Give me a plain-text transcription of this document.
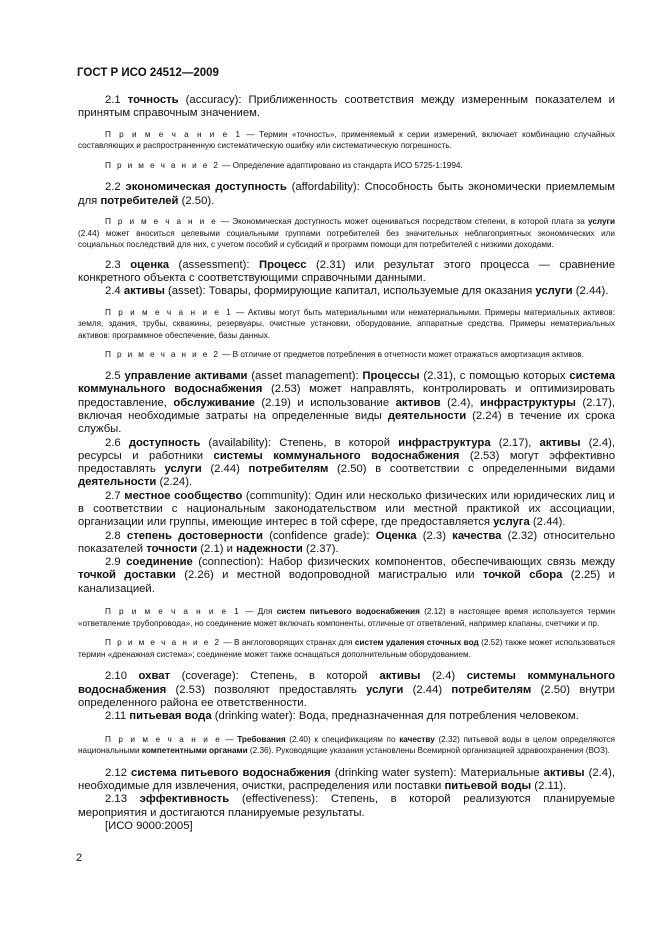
ГОСТ Р ИСО 24512—2009

2.1 точность (accuracy): Приближенность соответствия между измеренным показателем и принятым справочным значением.

П р и м е ч а н и е 1 — Термин «точность», применяемый к серии измерений, включает комбинацию случайных составляющих и распространенную систематическую ошибку или систематическую погрешность.

П р и м е ч а н и е 2 — Определение адаптировано из стандарта ИСО 5725-1:1994.

2.2 экономическая доступность (affordability): Способность быть экономически приемлемым для потребителей (2.50).

П р и м е ч а н и е — Экономическая доступность может оцениваться посредством степени, в которой плата за услуги (2.44) может вноситься целевыми социальными группами потребителей без значительных неблагоприятных экономических или социальных последствий для них, с учетом пособий и субсидий и программ помощи для потребителей с низкими доходами.

2.3 оценка (assessment): Процесс (2.31) или результат этого процесса — сравнение конкретного объекта с соответствующими справочными данными.

2.4 активы (asset): Товары, формирующие капитал, используемые для оказания услуги (2.44).

П р и м е ч а н и е 1 — Активы могут быть материальными или нематериальными. Примеры материальных активов: земля, здания, трубы, скважины, резервуары, очистные установки, оборудование, аппаратные средства. Примеры нематериальных активов: программное обеспечение, базы данных.

П р и м е ч а н и е 2 — В отличие от предметов потребления в отчетности может отражаться амортизация активов.

2.5 управление активами (asset management): Процессы (2.31), с помощью которых система коммунального водоснабжения (2.53) может направлять, контролировать и оптимизировать предоставление, обслуживание (2.19) и использование активов (2.4), инфраструктуры (2.17), включая необходимые затраты на определенные виды деятельности (2.24) в течение их срока службы.

2.6 доступность (availability): Степень, в которой инфраструктура (2.17), активы (2.4), ресурсы и работники системы коммунального водоснабжения (2.53) могут эффективно предоставлять услуги (2.44) потребителям (2.50) в соответствии с определенными видами деятельности (2.24).

2.7 местное сообщество (community): Один или несколько физических или юридических лиц и в соответствии с национальным законодательством или местной практикой их ассоциации, организации или группы, имеющие интерес в той сфере, где предоставляется услуга (2.44).

2.8 степень достоверности (confidence grade): Оценка (2.3) качества (2.32) относительно показателей точности (2.1) и надежности (2.37).

2.9 соединение (connection): Набор физических компонентов, обеспечивающих связь между точкой доставки (2.26) и местной водопроводной магистралью или точкой сбора (2.25) и канализацией.

П р и м е ч а н и е 1 — Для систем питьевого водоснабжения (2.12) в настоящее время используется термин «ответвление трубопровода», но соединение может включать компоненты, отличные от ответвлений, например клапаны, счетчики и пр.

П р и м е ч а н и е 2 — В англоговорящих странах для систем удаления сточных вод (2.52) также может использоваться термин «дренажная система»; соединение может также оснащаться дополнительным оборудованием.

2.10 охват (coverage): Степень, в которой активы (2.4) системы коммунального водоснабжения (2.53) позволяют предоставлять услуги (2.44) потребителям (2.50) внутри определенного района ее ответственности.

2.11 питьевая вода (drinking water): Вода, предназначенная для потребления человеком.

П р и м е ч а н и е — Требования (2.40) к спецификациям по качеству (2.32) питьевой воды в целом определяются национальными компетентными органами (2.36). Руководящие указания установлены Всемирной организацией здравоохранения (ВОЗ).

2.12 система питьевого водоснабжения (drinking water system): Материальные активы (2.4), необходимые для извлечения, очистки, распределения или поставки питьевой воды (2.11).

2.13 эффективность (effectiveness): Степень, в которой реализуются планируемые мероприятия и достигаются планируемые результаты.

[ИСО 9000:2005]

2
